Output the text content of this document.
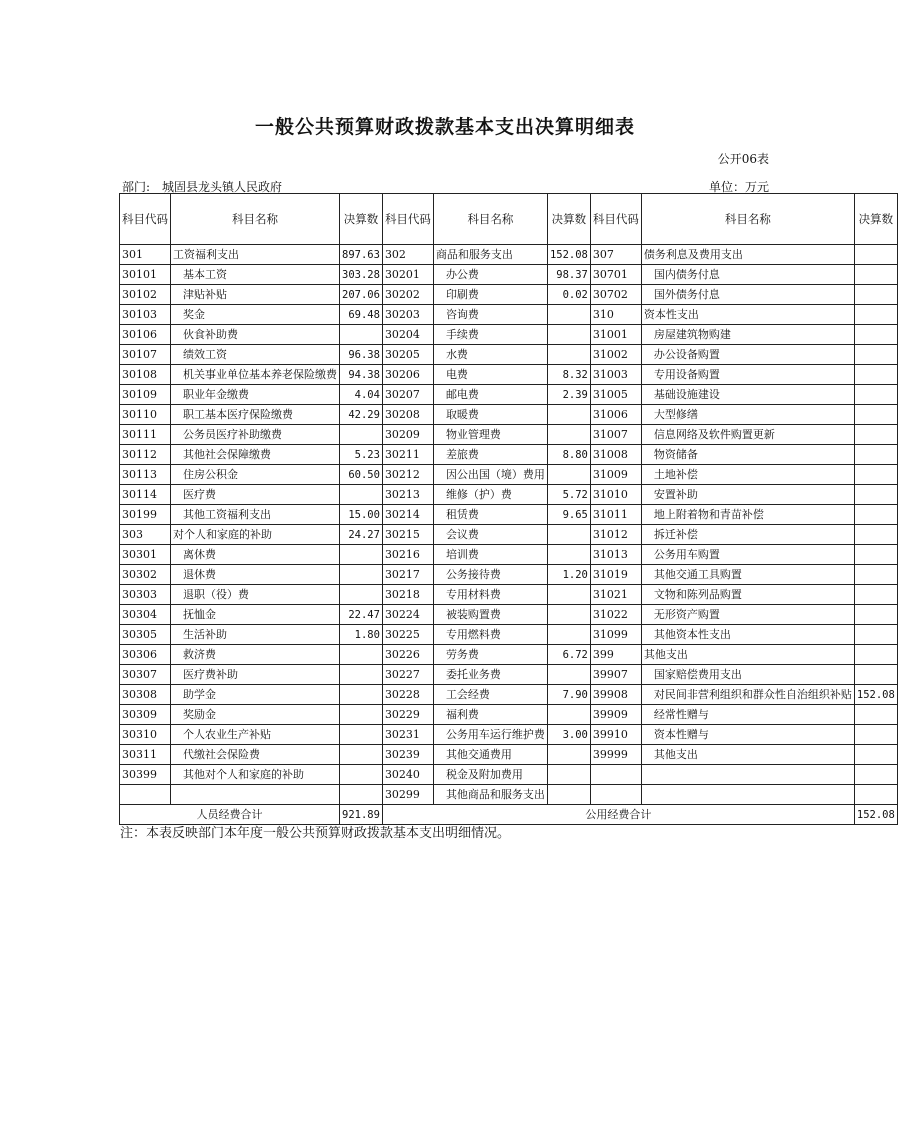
一般公共预算财政拨款基本支出决算明细表
公开06表
部门: 城固县龙头镇人民政府	单位：万元
科目代码	科目名称	决算数	科目代码	科目名称	决算数	科目代码	科目名称	决算数
301	工资福利支出	897.63	302	商品和服务支出	152.08	307	债务利息及费用支出	
30101	基本工资	303.28	30201	办公费	98.37	30701	国内债务付息	
30102	津贴补贴	207.06	30202	印刷费	0.02	30702	国外债务付息	
30103	奖金	69.48	30203	咨询费		310	资本性支出	
30106	伙食补助费		30204	手续费		31001	房屋建筑物购建	
30107	绩效工资	96.38	30205	水费		31002	办公设备购置	
30108	机关事业单位基本养老保险缴费	94.38	30206	电费	8.32	31003	专用设备购置	
30109	职业年金缴费	4.04	30207	邮电费	2.39	31005	基础设施建设	
30110	职工基本医疗保险缴费	42.29	30208	取暖费		31006	大型修缮	
30111	公务员医疗补助缴费		30209	物业管理费		31007	信息网络及软件购置更新	
30112	其他社会保障缴费	5.23	30211	差旅费	8.80	31008	物资储备	
30113	住房公积金	60.50	30212	因公出国（境）费用		31009	土地补偿	
30114	医疗费		30213	维修（护）费	5.72	31010	安置补助	
30199	其他工资福利支出	15.00	30214	租赁费	9.65	31011	地上附着物和青苗补偿	
303	对个人和家庭的补助	24.27	30215	会议费		31012	拆迁补偿	
30301	离休费		30216	培训费		31013	公务用车购置	
30302	退休费		30217	公务接待费	1.20	31019	其他交通工具购置	
30303	退职（役）费		30218	专用材料费		31021	文物和陈列品购置	
30304	抚恤金	22.47	30224	被装购置费		31022	无形资产购置	
30305	生活补助	1.80	30225	专用燃料费		31099	其他资本性支出	
30306	救济费		30226	劳务费	6.72	399	其他支出	
30307	医疗费补助		30227	委托业务费		39907	国家赔偿费用支出	
30308	助学金		30228	工会经费	7.90	39908	对民间非营利组织和群众性自治组织补贴	152.08
30309	奖励金		30229	福利费		39909	经常性赠与	
30310	个人农业生产补贴		30231	公务用车运行维护费	3.00	39910	资本性赠与	
30311	代缴社会保险费		30239	其他交通费用		39999	其他支出	
30399	其他对个人和家庭的补助		30240	税金及附加费用				
			30299	其他商品和服务支出				
人员经费合计		921.89	公用经费合计					152.08
注：本表反映部门本年度一般公共预算财政拨款基本支出明细情况。
